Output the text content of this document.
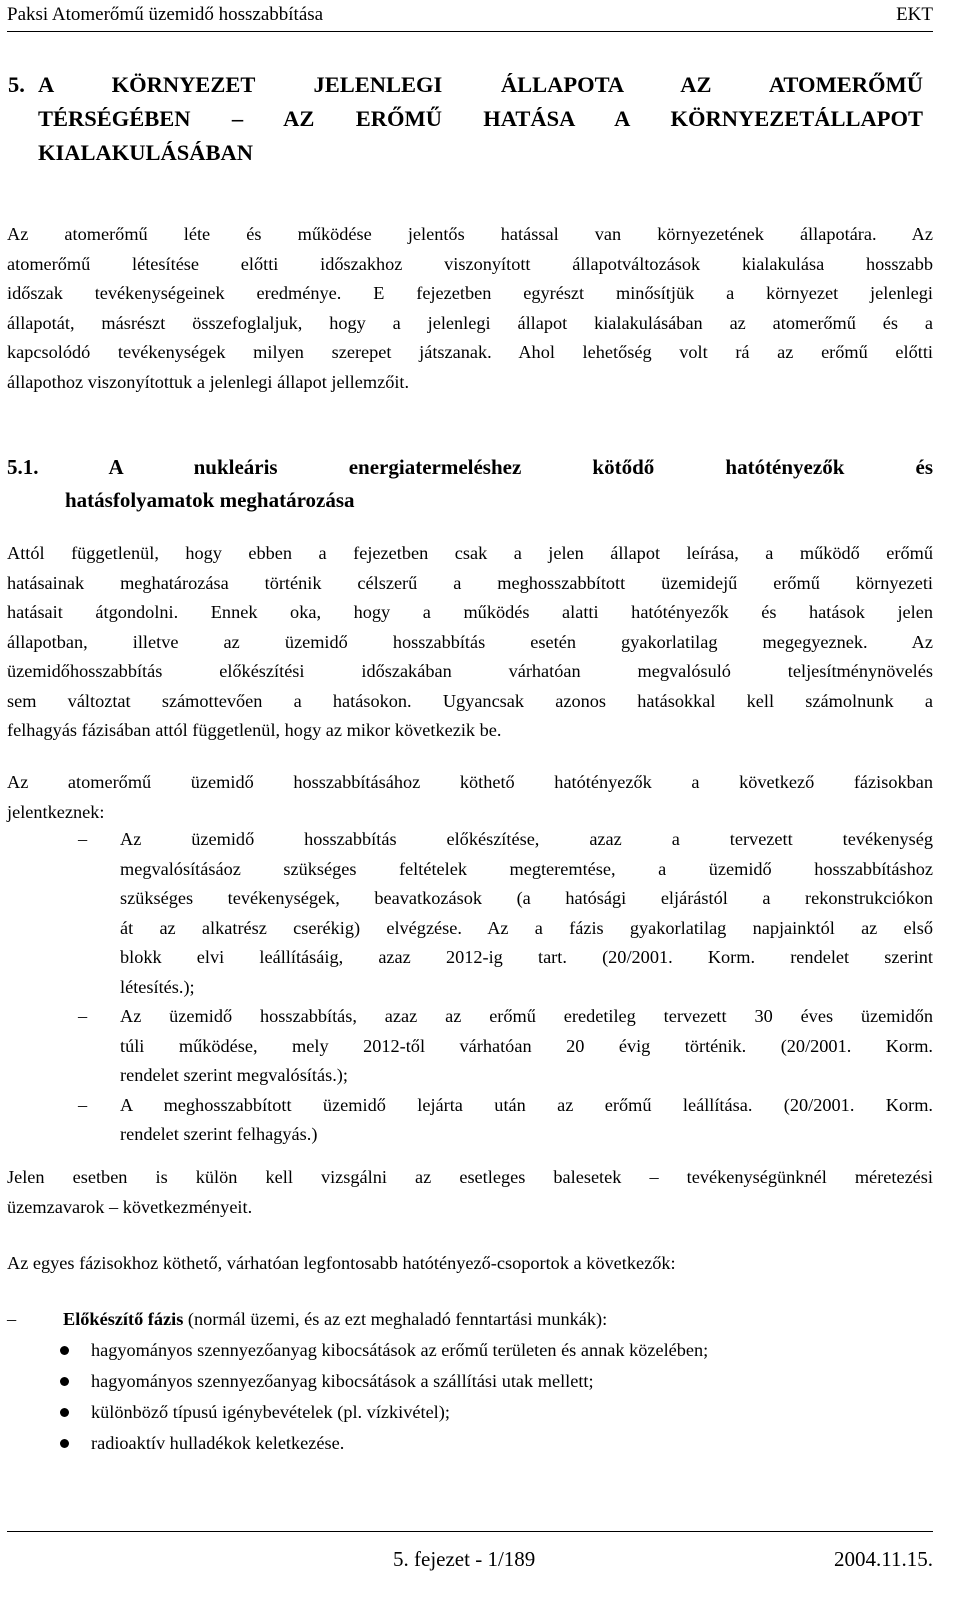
Paksi Atomerőmű üzemidő hosszabbítása	EKT
5. A KÖRNYEZET JELENLEGI ÁLLAPOTA AZ ATOMERŐMŰ
TÉRSÉGÉBEN – AZ ERŐMŰ HATÁSA A KÖRNYEZETÁLLAPOT
KIALAKULÁSÁBAN
Az atomerőmű léte és működése jelentős hatással van környezetének állapotára. Az
atomerőmű létesítése előtti időszakhoz viszonyított állapotváltozások kialakulása hosszabb
időszak tevékenységeinek eredménye. E fejezetben egyrészt minősítjük a környezet jelenlegi
állapotát, másrészt összefoglaljuk, hogy a jelenlegi állapot kialakulásában az atomerőmű és a
kapcsolódó tevékenységek milyen szerepet játszanak. Ahol lehetőség volt rá az erőmű előtti
állapothoz viszonyítottuk a jelenlegi állapot jellemzőit.
5.1. A nukleáris energiatermeléshez kötődő hatótényezők és
hatásfolyamatok meghatározása
Attól függetlenül, hogy ebben a fejezetben csak a jelen állapot leírása, a működő erőmű
hatásainak meghatározása történik célszerű a meghosszabbított üzemidejű erőmű környezeti
hatásait átgondolni. Ennek oka, hogy a működés alatti hatótényezők és hatások jelen
állapotban, illetve az üzemidő hosszabbítás esetén gyakorlatilag megegyeznek. Az
üzemidőhosszabbítás előkészítési időszakában várhatóan megvalósuló teljesítménynövelés
sem változtat számottevően a hatásokon. Ugyancsak azonos hatásokkal kell számolnunk a
felhagyás fázisában attól függetlenül, hogy az mikor következik be.
Az atomerőmű üzemidő hosszabbításához köthető hatótényezők a következő fázisokban
jelentkeznek:
– Az üzemidő hosszabbítás előkészítése, azaz a tervezett tevékenység
megvalósításáoz szükséges feltételek megteremtése, a üzemidő hosszabbításhoz
szükséges tevékenységek, beavatkozások (a hatósági eljárástól a rekonstrukciókon
át az alkatrész cserékig) elvégzése. Az a fázis gyakorlatilag napjainktól az első
blokk elvi leállításáig, azaz 2012-ig tart. (20/2001. Korm. rendelet szerint
létesítés.);
– Az üzemidő hosszabbítás, azaz az erőmű eredetileg tervezett 30 éves üzemidőn
túli működése, mely 2012-től várhatóan 20 évig történik. (20/2001. Korm.
rendelet szerint megvalósítás.);
– A meghosszabbított üzemidő lejárta után az erőmű leállítása. (20/2001. Korm.
rendelet szerint felhagyás.)
Jelen esetben is külön kell vizsgálni az esetleges balesetek – tevékenységünknél méretezési
üzemzavarok – következményeit.
Az egyes fázisokhoz köthető, várhatóan legfontosabb hatótényező-csoportok a következők:
–	Előkészítő fázis (normál üzemi, és az ezt meghaladó fenntartási munkák):
hagyományos szennyezőanyag kibocsátások az erőmű területen és annak közelében;
hagyományos szennyezőanyag kibocsátások a szállítási utak mellett;
különböző típusú igénybevételek (pl. vízkivétel);
radioaktív hulladékok keletkezése.
5. fejezet - 1/189	2004.11.15.
